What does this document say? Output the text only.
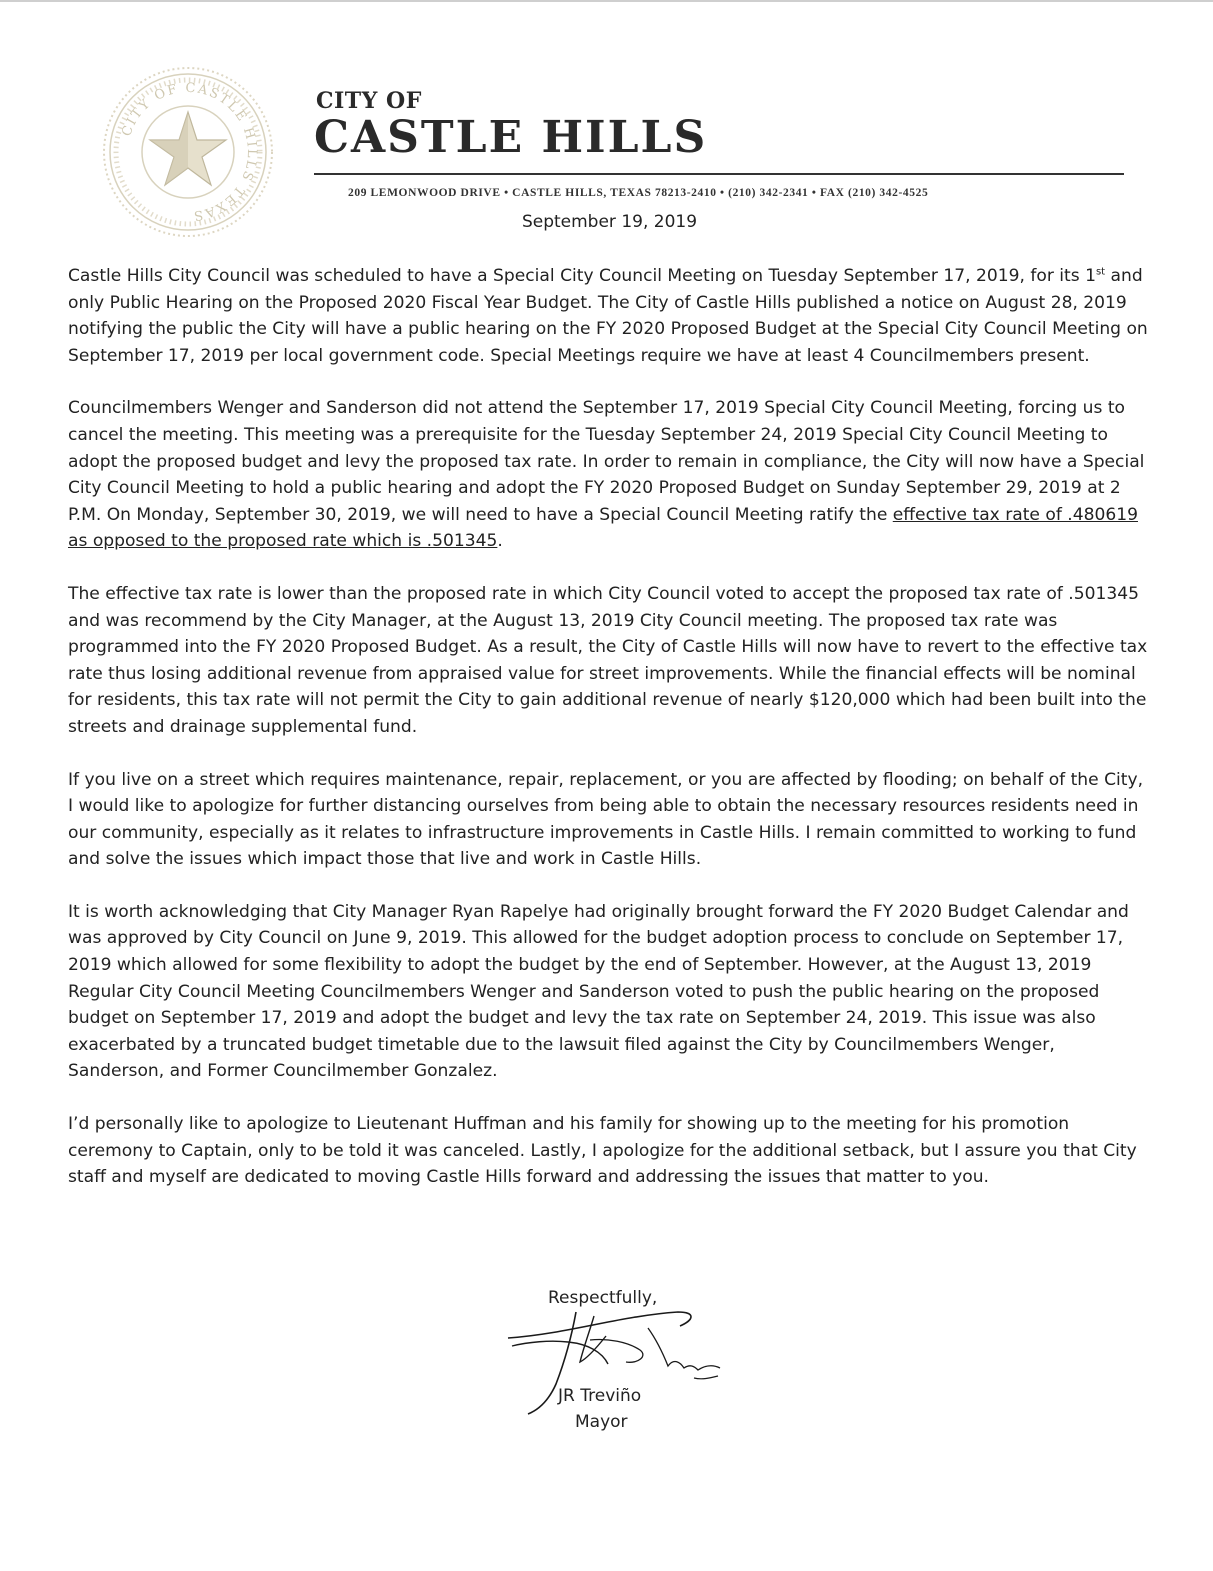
CITY OF CASTLE HILLS TEXAS
CITY OF
CASTLE HILLS
209 LEMONWOOD DRIVE • CASTLE HILLS, TEXAS 78213-2410 • (210) 342-2341 • FAX (210) 342-4525
September 19, 2019

Castle Hills City Council was scheduled to have a Special City Council Meeting on Tuesday September 17, 2019, for its 1st and only Public Hearing on the Proposed 2020 Fiscal Year Budget. The City of Castle Hills published a notice on August 28, 2019 notifying the public the City will have a public hearing on the FY 2020 Proposed Budget at the Special City Council Meeting on September 17, 2019 per local government code. Special Meetings require we have at least 4 Councilmembers present.

Councilmembers Wenger and Sanderson did not attend the September 17, 2019 Special City Council Meeting, forcing us to cancel the meeting. This meeting was a prerequisite for the Tuesday September 24, 2019 Special City Council Meeting to adopt the proposed budget and levy the proposed tax rate. In order to remain in compliance, the City will now have a Special City Council Meeting to hold a public hearing and adopt the FY 2020 Proposed Budget on Sunday September 29, 2019 at 2 P.M. On Monday, September 30, 2019, we will need to have a Special Council Meeting ratify the effective tax rate of .480619 as opposed to the proposed rate which is .501345.

The effective tax rate is lower than the proposed rate in which City Council voted to accept the proposed tax rate of .501345 and was recommend by the City Manager, at the August 13, 2019 City Council meeting. The proposed tax rate was programmed into the FY 2020 Proposed Budget. As a result, the City of Castle Hills will now have to revert to the effective tax rate thus losing additional revenue from appraised value for street improvements. While the financial effects will be nominal for residents, this tax rate will not permit the City to gain additional revenue of nearly $120,000 which had been built into the streets and drainage supplemental fund.

If you live on a street which requires maintenance, repair, replacement, or you are affected by flooding; on behalf of the City, I would like to apologize for further distancing ourselves from being able to obtain the necessary resources residents need in our community, especially as it relates to infrastructure improvements in Castle Hills. I remain committed to working to fund and solve the issues which impact those that live and work in Castle Hills.

It is worth acknowledging that City Manager Ryan Rapelye had originally brought forward the FY 2020 Budget Calendar and was approved by City Council on June 9, 2019. This allowed for the budget adoption process to conclude on September 17, 2019 which allowed for some flexibility to adopt the budget by the end of September. However, at the August 13, 2019 Regular City Council Meeting Councilmembers Wenger and Sanderson voted to push the public hearing on the proposed budget on September 17, 2019 and adopt the budget and levy the tax rate on September 24, 2019. This issue was also exacerbated by a truncated budget timetable due to the lawsuit filed against the City by Councilmembers Wenger, Sanderson, and Former Councilmember Gonzalez.

I’d personally like to apologize to Lieutenant Huffman and his family for showing up to the meeting for his promotion ceremony to Captain, only to be told it was canceled. Lastly, I apologize for the additional setback, but I assure you that City staff and myself are dedicated to moving Castle Hills forward and addressing the issues that matter to you.

Respectfully,
JR Treviño
Mayor
